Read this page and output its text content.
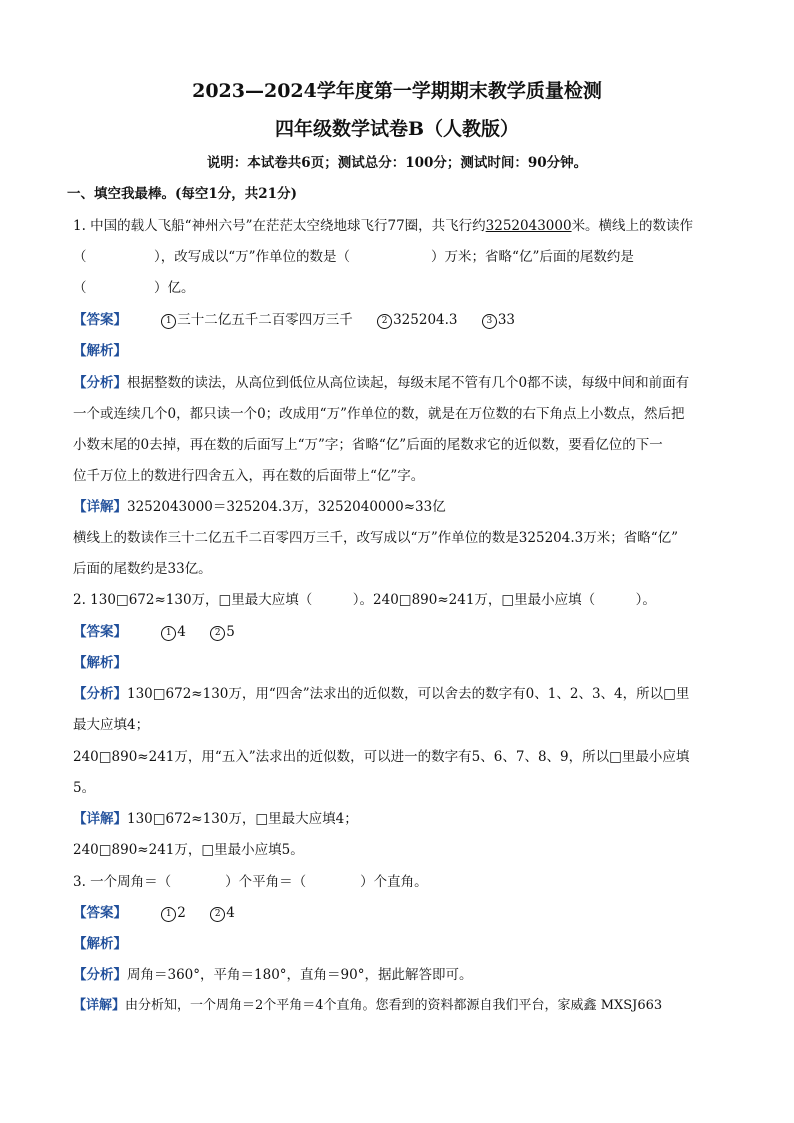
2023—2024学年度第一学期期末教学质量检测
四年级数学试卷B（人教版）
说明：本试卷共6页；测试总分：100分；测试时间：90分钟。
一、填空我最棒。(每空1分，共21分)
1. 中国的载人飞船“神州六号”在茫茫太空绕地球飞行77圈，共飞行约3252043000米。横线上的数读作
（　　　　　），改写成以“万”作单位的数是（　　　　　　）万米；省略“亿”后面的尾数约是
（　　　　　）亿。
【答案】	1 三十二亿五千二百零四万三千	2 325204.3	3 33
【解析】
【分析】根据整数的读法，从高位到低位从高位读起，每级末尾不管有几个0都不读，每级中间和前面有
一个或连续几个0，都只读一个0；改成用“万”作单位的数，就是在万位数的右下角点上小数点，然后把
小数末尾的0去掉，再在数的后面写上“万”字；省略“亿”后面的尾数求它的近似数，要看亿位的下一
位千万位上的数进行四舍五入，再在数的后面带上“亿”字。
【详解】3252043000＝325204.3万，3252040000≈33亿
横线上的数读作三十二亿五千二百零四万三千，改写成以“万”作单位的数是325204.3万米；省略“亿”
后面的尾数约是33亿。
2. 130□672≈130万，□里最大应填（　　　）。240□890≈241万，□里最小应填（　　　）。
【答案】	1 4	2 5
【解析】
【分析】130□672≈130万，用“四舍”法求出的近似数，可以舍去的数字有0、1、2、3、4，所以□里
最大应填4；
240□890≈241万，用“五入”法求出的近似数，可以进一的数字有5、6、7、8、9，所以□里最小应填
5。
【详解】130□672≈130万，□里最大应填4；
240□890≈241万，□里最小应填5。
3. 一个周角＝（　　　　）个平角＝（　　　　）个直角。
【答案】	1 2	2 4
【解析】
【分析】周角＝360°，平角＝180°，直角＝90°，据此解答即可。
【详解】由分析知，一个周角＝2个平角＝4个直角。您看到的资料都源自我们平台，家威鑫 MXSJ663
